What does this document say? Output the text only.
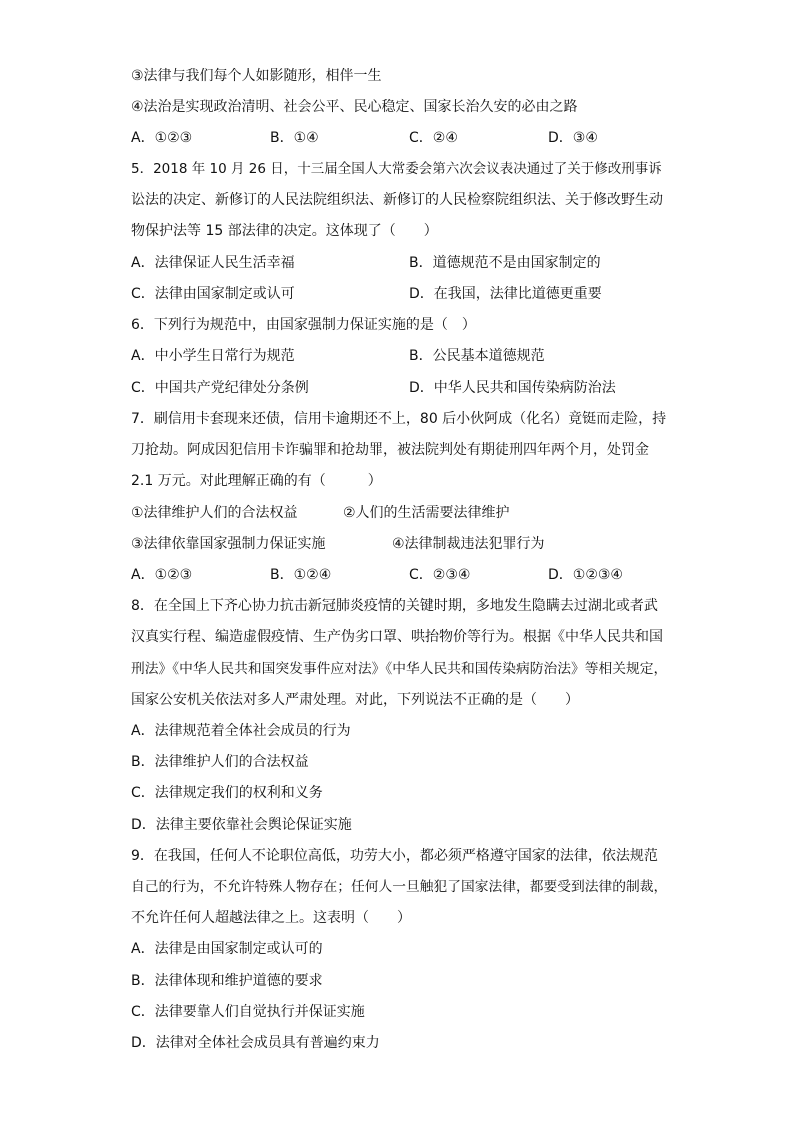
③法律与我们每个人如影随形，相伴一生
④法治是实现政治清明、社会公平、民心稳定、国家长治久安的必由之路
A．①②③	B．①④	C．②④	D．③④
5．2018 年 10 月 26 日，十三届全国人大常委会第六次会议表决通过了关于修改刑事诉
讼法的决定、新修订的人民法院组织法、新修订的人民检察院组织法、关于修改野生动
物保护法等 15 部法律的决定。这体现了（　　）
A．法律保证人民生活幸福	B．道德规范不是由国家制定的
C．法律由国家制定或认可	D．在我国，法律比道德更重要
6．下列行为规范中，由国家强制力保证实施的是（　）
A．中小学生日常行为规范	B．公民基本道德规范
C．中国共产党纪律处分条例	D．中华人民共和国传染病防治法
7．刷信用卡套现来还债，信用卡逾期还不上，80 后小伙阿成（化名）竟铤而走险，持
刀抢劫。阿成因犯信用卡诈骗罪和抢劫罪，被法院判处有期徒刑四年两个月，处罚金
2.1 万元。对此理解正确的有（　　　）
①法律维护人们的合法权益	②人们的生活需要法律维护
③法律依靠国家强制力保证实施	④法律制裁违法犯罪行为
A．①②③	B．①②④	C．②③④	D．①②③④
8．在全国上下齐心协力抗击新冠肺炎疫情的关键时期，多地发生隐瞒去过湖北或者武
汉真实行程、编造虚假疫情、生产伪劣口罩、哄抬物价等行为。根据《中华人民共和国
刑法》《中华人民共和国突发事件应对法》《中华人民共和国传染病防治法》等相关规定，
国家公安机关依法对多人严肃处理。对此，下列说法不正确的是（　　）
A．法律规范着全体社会成员的行为
B．法律维护人们的合法权益
C．法律规定我们的权利和义务
D．法律主要依靠社会舆论保证实施
9．在我国，任何人不论职位高低，功劳大小，都必须严格遵守国家的法律，依法规范
自己的行为，不允许特殊人物存在；任何人一旦触犯了国家法律，都要受到法律的制裁，
不允许任何人超越法律之上。这表明（　　）
A．法律是由国家制定或认可的
B．法律体现和维护道德的要求
C．法律要靠人们自觉执行并保证实施
D．法律对全体社会成员具有普遍约束力
